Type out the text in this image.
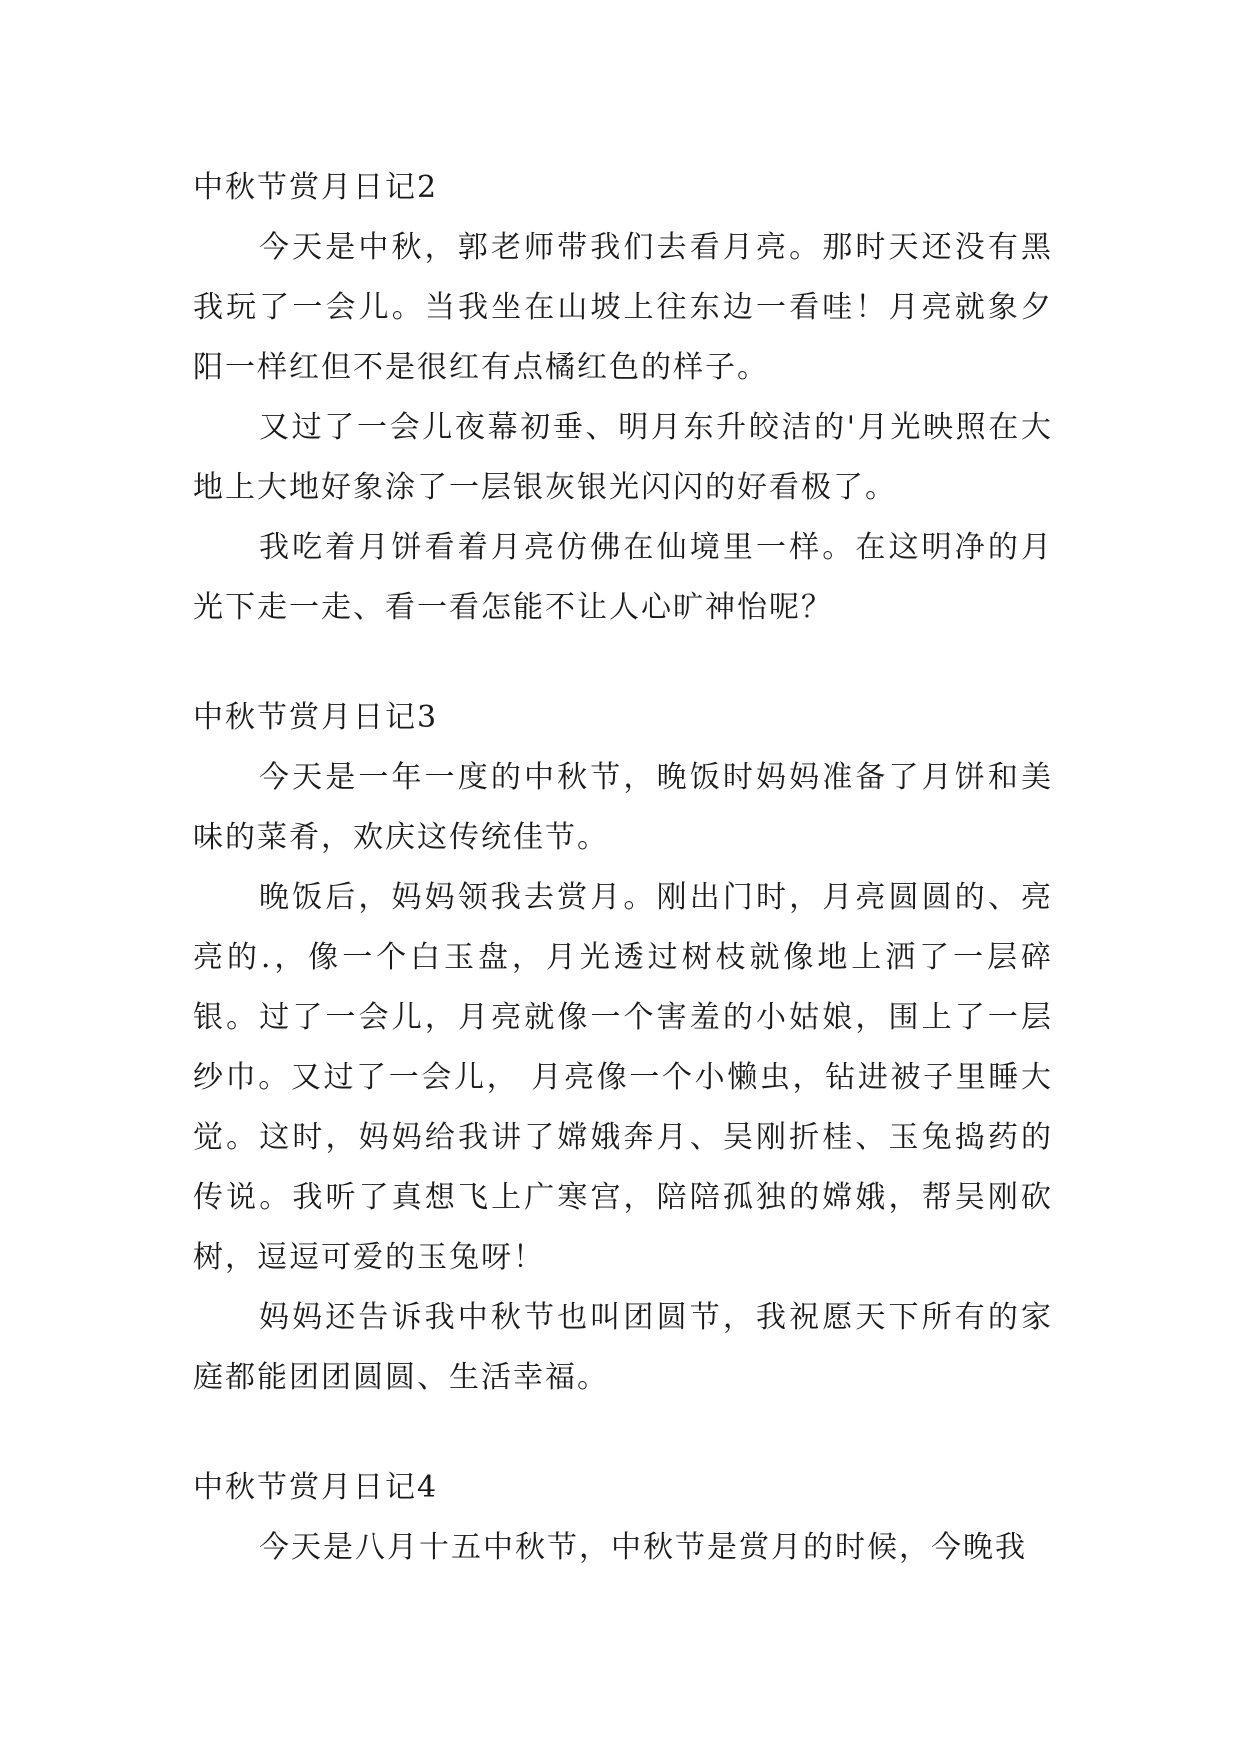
中秋节赏月日记2

今天是中秋，郭老师带我们去看月亮。那时天还没有黑我玩了一会儿。当我坐在山坡上往东边一看哇！月亮就象夕阳一样红但不是很红有点橘红色的样子。

又过了一会儿夜幕初垂、明月东升皎洁的'月光映照在大地上大地好象涂了一层银灰银光闪闪的好看极了。

我吃着月饼看着月亮仿佛在仙境里一样。在这明净的月光下走一走、看一看怎能不让人心旷神怡呢？

中秋节赏月日记3

今天是一年一度的中秋节，晚饭时妈妈准备了月饼和美味的菜肴，欢庆这传统佳节。

晚饭后，妈妈领我去赏月。刚出门时，月亮圆圆的、亮亮的.，像一个白玉盘，月光透过树枝就像地上洒了一层碎银。过了一会儿，月亮就像一个害羞的小姑娘，围上了一层纱巾。又过了一会儿， 月亮像一个小懒虫，钻进被子里睡大觉。这时，妈妈给我讲了嫦娥奔月、吴刚折桂、玉兔捣药的传说。我听了真想飞上广寒宫，陪陪孤独的嫦娥，帮吴刚砍树，逗逗可爱的玉兔呀！

妈妈还告诉我中秋节也叫团圆节，我祝愿天下所有的家庭都能团团圆圆、生活幸福。

中秋节赏月日记4

今天是八月十五中秋节，中秋节是赏月的时候，今晚我
